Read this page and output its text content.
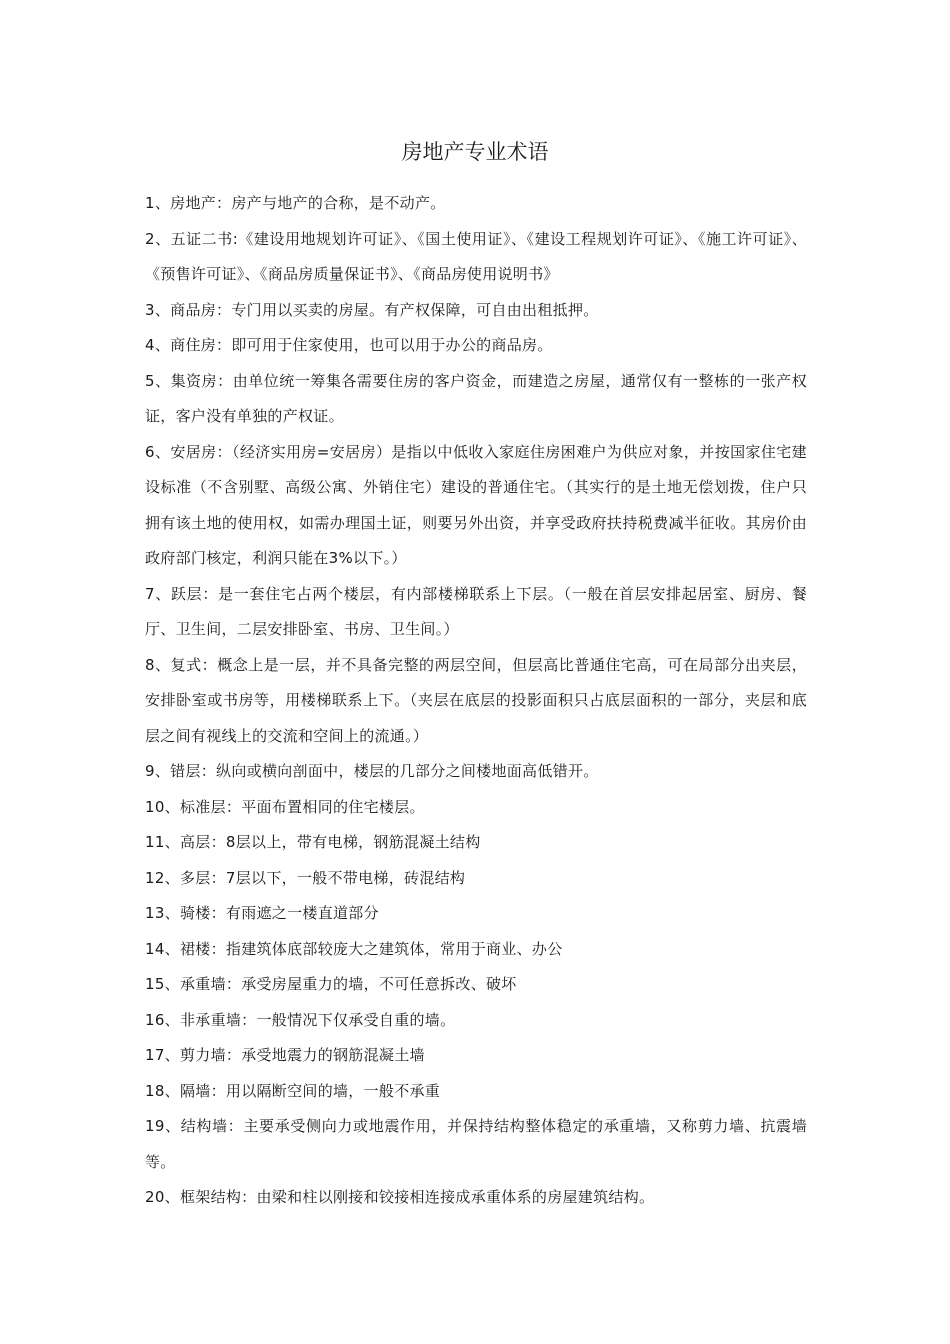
房地产专业术语
1、房地产：房产与地产的合称，是不动产。
2、五证二书:《建设用地规划许可证》、《国土使用证》、《建设工程规划许可证》、《施工许可证》、《预售许可证》、《商品房质量保证书》、《商品房使用说明书》
3、商品房：专门用以买卖的房屋。有产权保障，可自由出租抵押。
4、商住房：即可用于住家使用，也可以用于办公的商品房。
5、集资房：由单位统一筹集各需要住房的客户资金，而建造之房屋，通常仅有一整栋的一张产权证，客户没有单独的产权证。
6、安居房：（经济实用房=安居房）是指以中低收入家庭住房困难户为供应对象，并按国家住宅建设标准（不含别墅、高级公寓、外销住宅）建设的普通住宅。（其实行的是土地无偿划拨，住户只拥有该土地的使用权，如需办理国土证，则要另外出资，并享受政府扶持税费减半征收。其房价由政府部门核定，利润只能在3%以下。）
7、跃层：是一套住宅占两个楼层，有内部楼梯联系上下层。（一般在首层安排起居室、厨房、餐厅、卫生间，二层安排卧室、书房、卫生间。）
8、复式：概念上是一层，并不具备完整的两层空间，但层高比普通住宅高，可在局部分出夹层，安排卧室或书房等，用楼梯联系上下。（夹层在底层的投影面积只占底层面积的一部分，夹层和底层之间有视线上的交流和空间上的流通。）
9、错层：纵向或横向剖面中，楼层的几部分之间楼地面高低错开。
10、标准层：平面布置相同的住宅楼层。
11、高层：8层以上，带有电梯，钢筋混凝土结构
12、多层：7层以下，一般不带电梯，砖混结构
13、骑楼：有雨遮之一楼直道部分
14、裙楼：指建筑体底部较庞大之建筑体，常用于商业、办公
15、承重墙：承受房屋重力的墙，不可任意拆改、破坏
16、非承重墙：一般情况下仅承受自重的墙。
17、剪力墙：承受地震力的钢筋混凝土墙
18、隔墙：用以隔断空间的墙，一般不承重
19、结构墙：主要承受侧向力或地震作用，并保持结构整体稳定的承重墙，又称剪力墙、抗震墙等。
20、框架结构：由梁和柱以刚接和铰接相连接成承重体系的房屋建筑结构。
